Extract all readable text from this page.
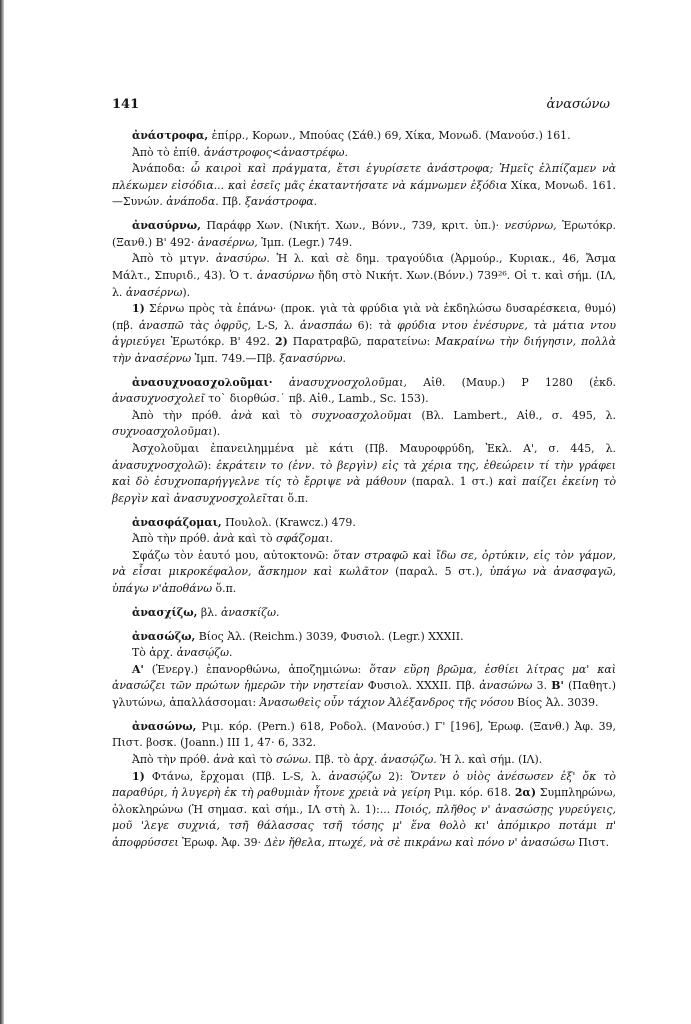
141	ἀνασώνω

ἀνάστροφα, ἐπίρρ., Κορων., Μπούας (Σάθ.) 69, Χίκα, Μονωδ. (Μανούσ.) 161.

Ἀπὸ τὸ ἐπίθ. ἀνάστροφος<ἀναστρέφω.

Ἀνάποδα: ὦ καιροὶ καὶ πράγματα, ἔτσι ἐγυρίσετε ἀνάστροφα; Ἡμεῖς ἐλπίζαμεν νὰ πλέκωμεν εἰσόδια... καὶ ἐσεῖς μᾶς ἐκαταντήσατε νὰ κάμνωμεν ἐξόδια Χίκα, Μονωδ. 161. —Συνών. ἀνάποδα. Πβ. ξανάστροφα.

ἀνασύρνω, Παράφρ Χων. (Νικήτ. Χων., Βόνν., 739, κριτ. ὑπ.)· νεσύρνω, Ἐρωτόκρ. (Ξανθ.) Β' 492· ἀνασέρνω, Ἱμπ. (Legr.) 749.

Ἀπὸ τὸ μτγν. ἀνασύρω. Ἡ λ. καὶ σὲ δημ. τραγούδια (Ἀρμούρ., Κυριακ., 46, Ἄσμα Μάλτ., Σπυριδ., 43). Ὁ τ. ἀνασύρνω ἤδη στὸ Νικήτ. Χων.(Βόνν.) 739²⁶. Οἱ τ. καὶ σήμ. (ΙΛ, λ. ἀνασέρνω).

1) Σέρνω πρὸς τὰ ἐπάνω· (προκ. γιὰ τὰ φρύδια γιὰ νὰ ἐκδηλώσω δυσαρέσκεια, θυμό) (πβ. ἀνασπῶ τὰς ὀφρῦς, L-S, λ. ἀνασπάω 6): τὰ φρύδια ντου ἐνέσυρνε, τὰ μάτια ντου ἀγριεύγει Ἐρωτόκρ. Β' 492. 2) Παρατραβῶ, παρατείνω: Μακραίνω τὴν διήγησιν, πολλὰ τὴν ἀνασέρνω Ἱμπ. 749.—Πβ. ξανασύρνω.

ἀνασυχνοασχολοῦμαι· ἀνασυχνοσχολοῦμαι, Αἰθ. (Μαυρ.) Ρ 1280 (ἐκδ. ἀνασυχνοσχολεῖ τοˋ διορθώσ.˙ πβ. Αἰθ., Lamb., Sc. 153).

Ἀπὸ τὴν πρόθ. ἀνὰ καὶ τὸ συχνοασχολοῦμαι (Βλ. Lambert., Αἰθ., σ. 495, λ. συχνοασχολοῦμαι).

Ἀσχολοῦμαι ἐπανειλημμένα μὲ κάτι (Πβ. Μαυροφρύδη, Ἐκλ. Α', σ. 445, λ. ἀνασυχνοσχολῶ): ἐκράτειν το (ἐνν. τὸ βεργὶν) εἰς τὰ χέρια της, ἐθεώρειν τί τὴν γράφει καὶ δὸ ἐσυχνοπαρήγγελνε τίς τὸ ἔρριψε νὰ μάθουν (παραλ. 1 στ.) καὶ παίζει ἐκείνη τὸ βεργὶν καὶ ἀνασυχνοσχολεῖται ὅ.π.

ἀνασφάζομαι, Πουλολ. (Krawcz.) 479.

Ἀπὸ τὴν πρόθ. ἀνὰ καὶ τὸ σφάζομαι.

Σφάζω τὸν ἑαυτό μου, αὐτοκτονῶ: ὅταν στραφῶ καὶ ἴδω σε, ὀρτύκιν, εἰς τὸν γάμον, νὰ εἶσαι μικροκέφαλον, ἄσκημον καὶ κωλᾶτον (παραλ. 5 στ.), ὑπάγω νὰ ἀνασφαγῶ, ὑπάγω ν'ἀποθάνω ὅ.π.

ἀνασχίζω, βλ. ἀνασκίζω.

ἀνασώζω, Βίος Ἀλ. (Reichm.) 3039, Φυσιολ. (Legr.) XXXII.

Τὸ ἀρχ. ἀνασῴζω.

Α' (Ἐνεργ.) ἐπανορθώνω, ἀποζημιώνω: ὅταν εὕρη βρῶμα, ἐσθίει λίτρας μα' καὶ ἀνασώζει τῶν πρώτων ἡμερῶν τὴν νηστείαν Φυσιολ. XXXII. Πβ. ἀνασώνω 3. Β' (Παθητ.) γλυτώνω, ἀπαλλάσσομαι: Ἀνασωθεὶς οὖν τάχιον Ἀλέξανδρος τῆς νόσου Βίος Ἀλ. 3039.

ἀνασώνω, Ριμ. κόρ. (Pern.) 618, Ροδολ. (Μανούσ.) Γ' [196], Ἐρωφ. (Ξανθ.) Ἀφ. 39, Πιστ. βοσκ. (Joann.) ΙΙΙ 1, 47· 6, 332.

Ἀπὸ τὴν πρόθ. ἀνὰ καὶ τὸ σώνω. Πβ. τὸ ἀρχ. ἀνασῴζω. Ἡ λ. καὶ σήμ. (ΙΛ).

1) Φτάνω, ἔρχομαι (Πβ. L-S, λ. ἀνασῴζω 2): Ὄντεν ὁ υἱὸς ἀνέσωσεν ἐξ' ὄκ τὸ παραθύρι, ἡ λυγερὴ ἐκ τὴ ραθυμιὰν ἦτονε χρειὰ νὰ γείρη Ριμ. κόρ. 618. 2α) Συμπληρώνω, ὁλοκληρώνω (Ἡ σημασ. καὶ σήμ., ΙΛ στὴ λ. 1):... Ποιός, πλῆθος ν' ἀνασώσῃς γυρεύγεις, μοῦ 'λεγε συχνιά, τσῆ θάλασσας τσῆ τόσης μ' ἕνα θολὸ κι' ἀπόμικρο ποτάμι π' ἀποφρύσσει Ἐρωφ. Ἀφ. 39· Δὲν ἤθελα, πτωχέ, νὰ σὲ πικράνω καὶ πόνο ν' ἀνασώσω Πιστ.
